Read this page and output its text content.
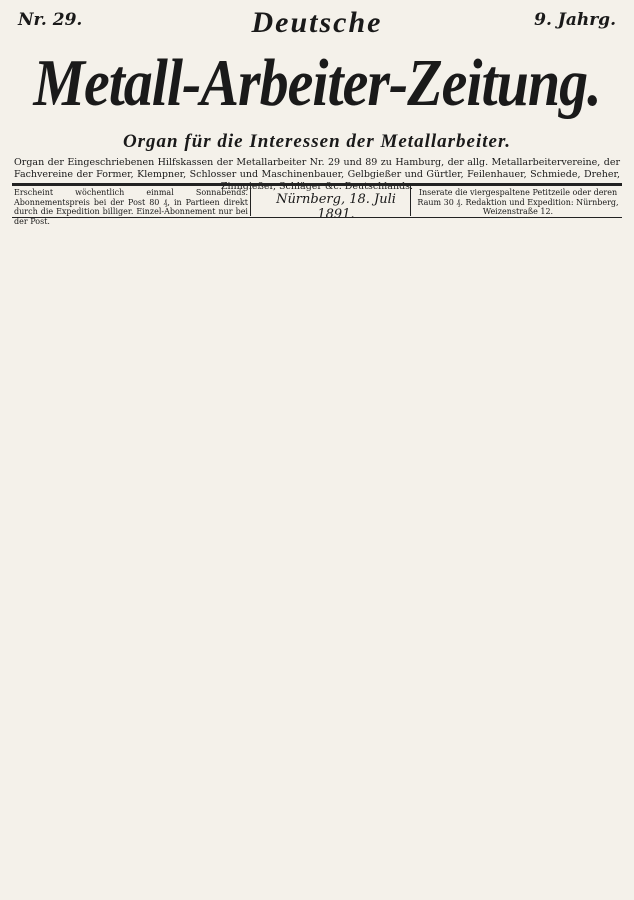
Nr. 29.	Deutsche	9. Jahrg.
Metall-Arbeiter-Zeitung.
Organ für die Interessen der Metallarbeiter.
Organ der Eingeschriebenen Hilfskassen der Metallarbeiter Nr. 29 und 89 zu Hamburg, der allg. Metallarbeitervereine, der Fachvereine der Former, Klempner, Schlosser und Maschinenbauer, Gelbgießer und Gürtler, Feilenhauer, Schmiede, Dreher, Zinngießer, Schläger &c. Deutschlands.
Erscheint wöchentlich einmal Sonnabends. Abonnementspreis bei der Post 80 ₰, in Partieen direkt durch die Expedition billiger. Einzel-Abonnement nur bei der Post.
Nürnberg, 18. Juli 1891.
Inserate die viergespaltene Petitzeile oder deren Raum 30 ₰. Redaktion und Expedition: Nürnberg, Weizenstraße 12.
